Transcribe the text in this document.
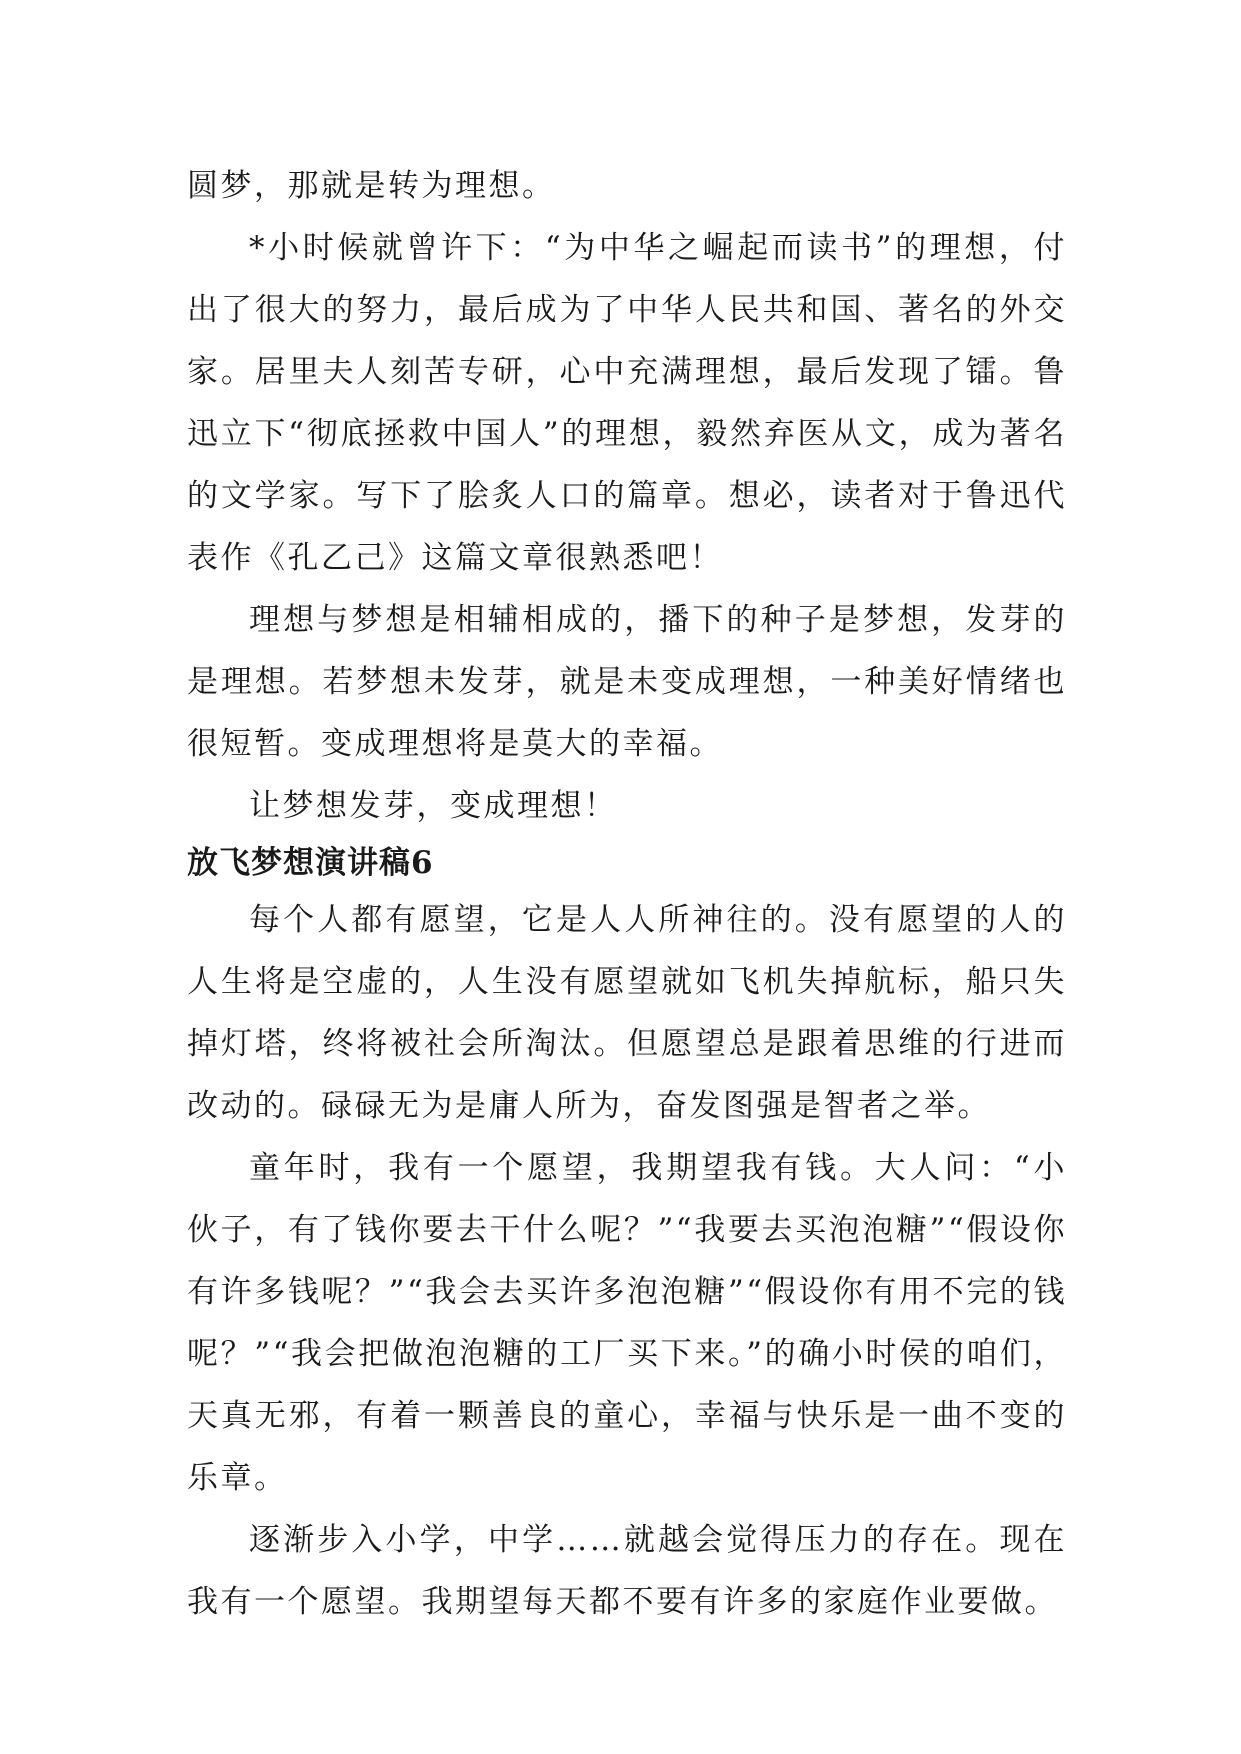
圆梦，那就是转为理想。

*小时候就曾许下：“为中华之崛起而读书”的理想，付出了很大的努力，最后成为了中华人民共和国、著名的外交家。居里夫人刻苦专研，心中充满理想，最后发现了镭。鲁迅立下“彻底拯救中国人”的理想，毅然弃医从文，成为著名的文学家。写下了脍炙人口的篇章。想必，读者对于鲁迅代表作《孔乙己》这篇文章很熟悉吧！

理想与梦想是相辅相成的，播下的种子是梦想，发芽的是理想。若梦想未发芽，就是未变成理想，一种美好情绪也很短暂。变成理想将是莫大的幸福。

让梦想发芽，变成理想！

放飞梦想演讲稿6

每个人都有愿望，它是人人所神往的。没有愿望的人的人生将是空虚的，人生没有愿望就如飞机失掉航标，船只失掉灯塔，终将被社会所淘汰。但愿望总是跟着思维的行进而改动的。碌碌无为是庸人所为，奋发图强是智者之举。

童年时，我有一个愿望，我期望我有钱。大人问：“小伙子，有了钱你要去干什么呢？”“我要去买泡泡糖”“假设你有许多钱呢？”“我会去买许多泡泡糖”“假设你有用不完的钱呢？”“我会把做泡泡糖的工厂买下来。”的确小时侯的咱们，天真无邪，有着一颗善良的童心，幸福与快乐是一曲不变的乐章。

逐渐步入小学，中学……就越会觉得压力的存在。现在我有一个愿望。我期望每天都不要有许多的家庭作业要做。
